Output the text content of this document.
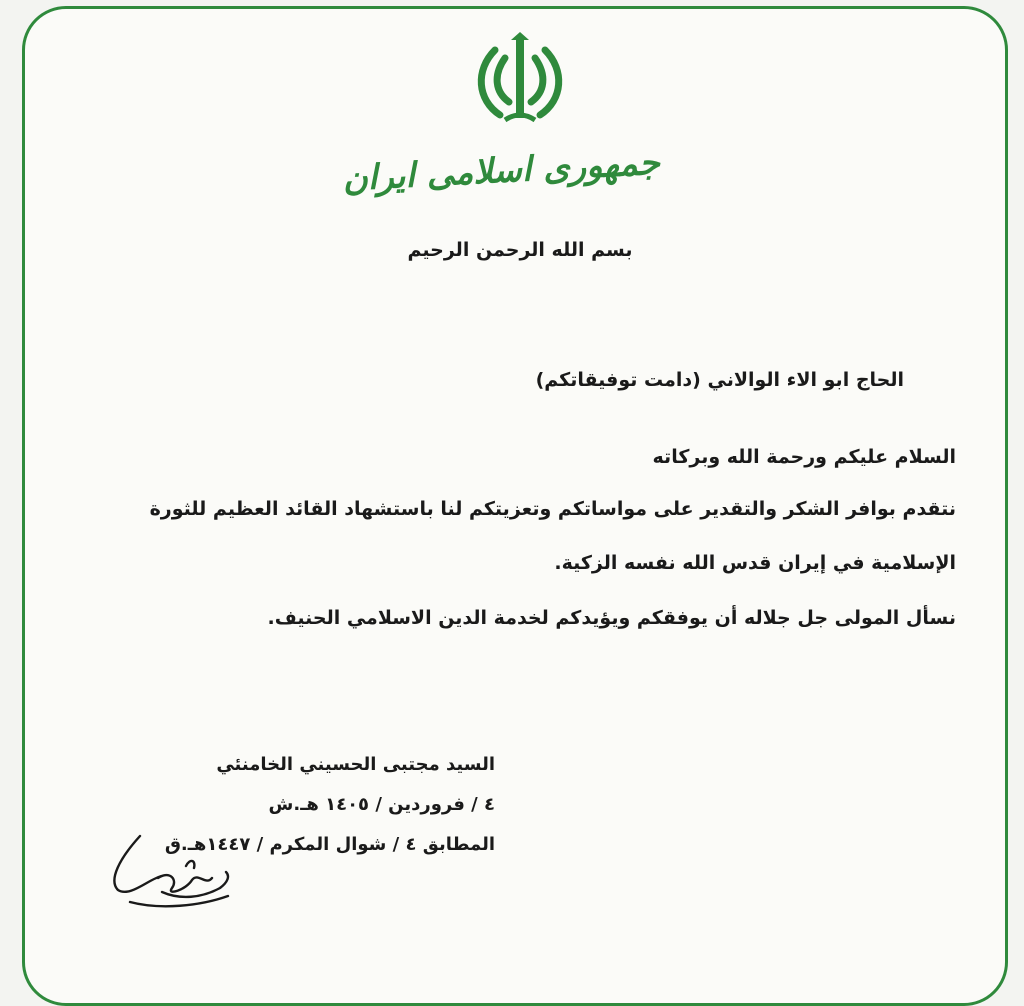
جمهوری اسلامی ایران
بسم الله الرحمن الرحيم
الحاج ابو الاء الوالاني (دامت توفيقاتكم)
السلام عليكم ورحمة الله وبركاته
نتقدم بوافر الشكر والتقدير على مواساتكم وتعزيتكم لنا باستشهاد القائد العظيم للثورة
الإسلامية في إيران قدس الله نفسه الزكية.
نسأل المولى جل جلاله أن يوفقكم ويؤيدكم لخدمة الدين الاسلامي الحنيف.
السيد مجتبى الحسيني الخامنئي
٤ / فروردين / ١٤٠٥ هـ.ش
المطابق ٤ / شوال المكرم / ١٤٤٧هـ.ق
